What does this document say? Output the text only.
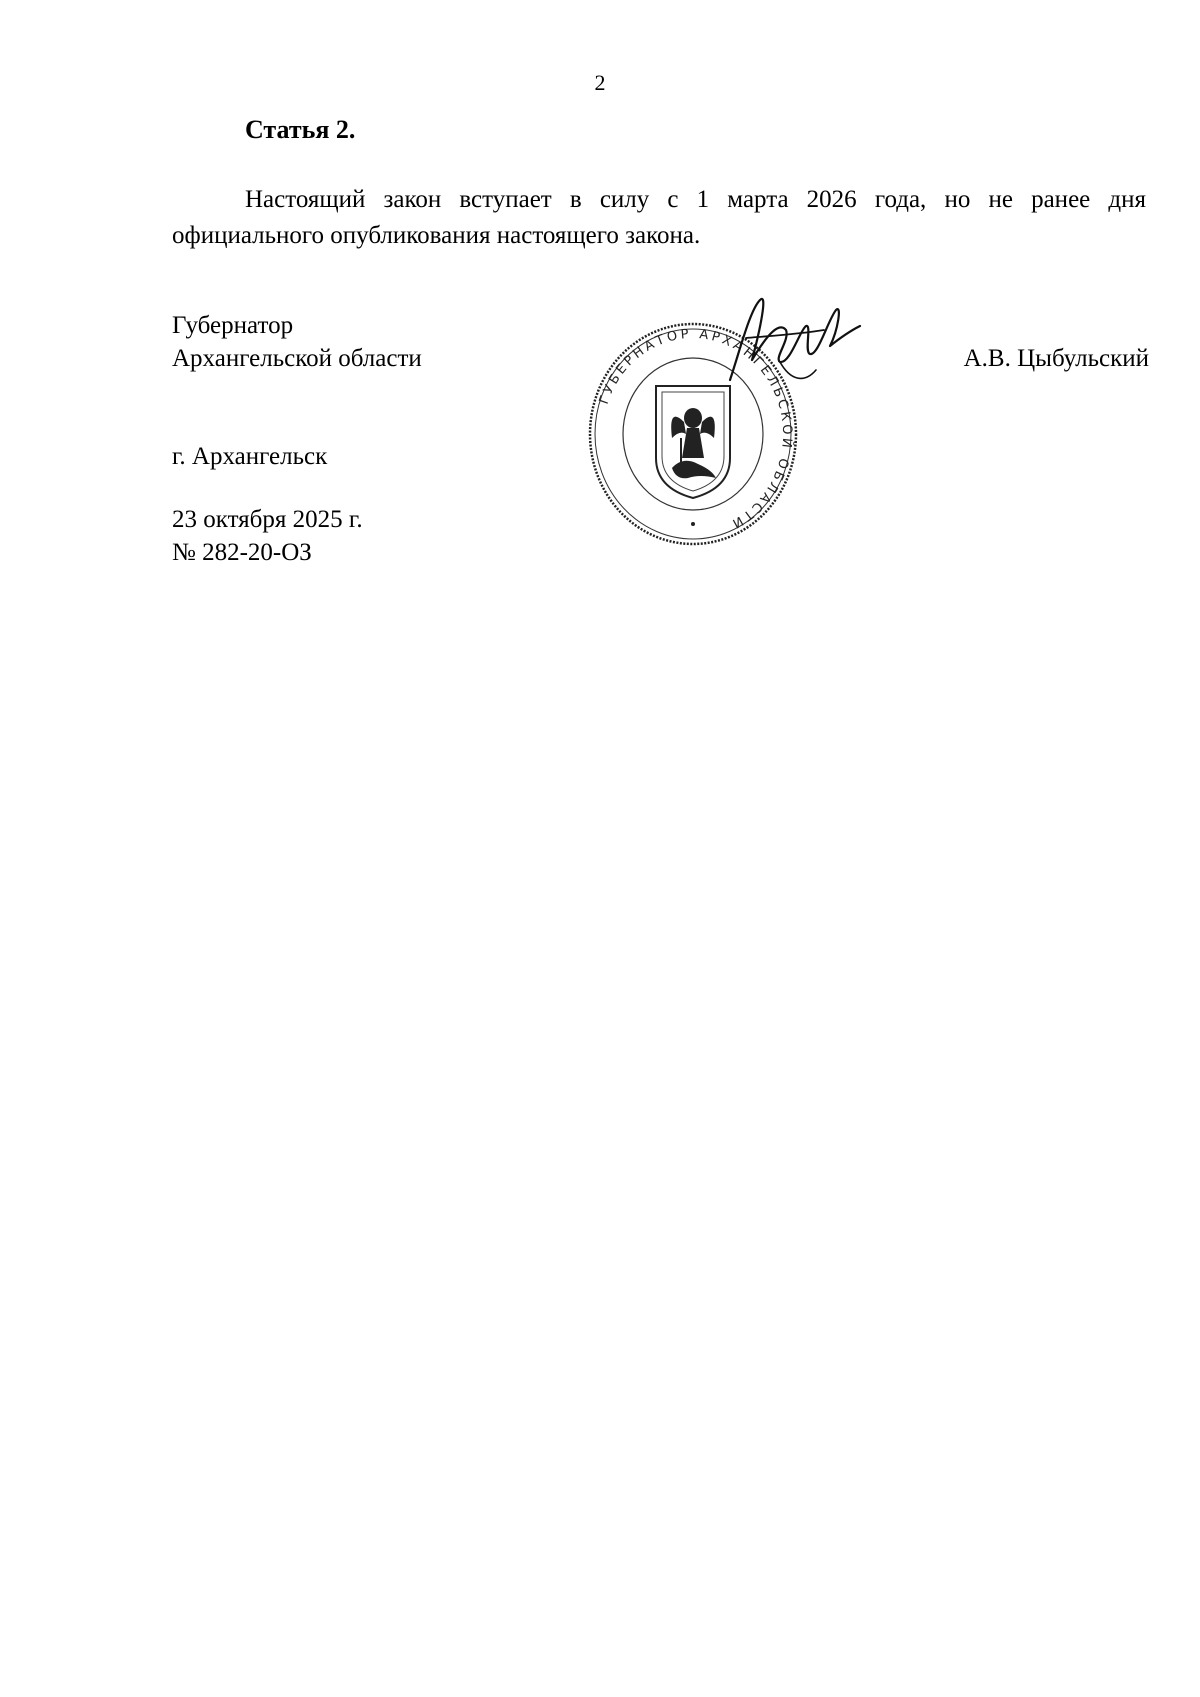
2
Статья 2.

Настоящий закон вступает в силу с 1 марта 2026 года, но не ранее дня официального опубликования настоящего закона.

Губернатор
Архангельской области	А.В. Цыбульский
г. Архангельск
23 октября 2025 г.
№ 282-20-ОЗ
ГУБЕРНАТОР АРХАНГЕЛЬСКОЙ ОБЛАСТИ
